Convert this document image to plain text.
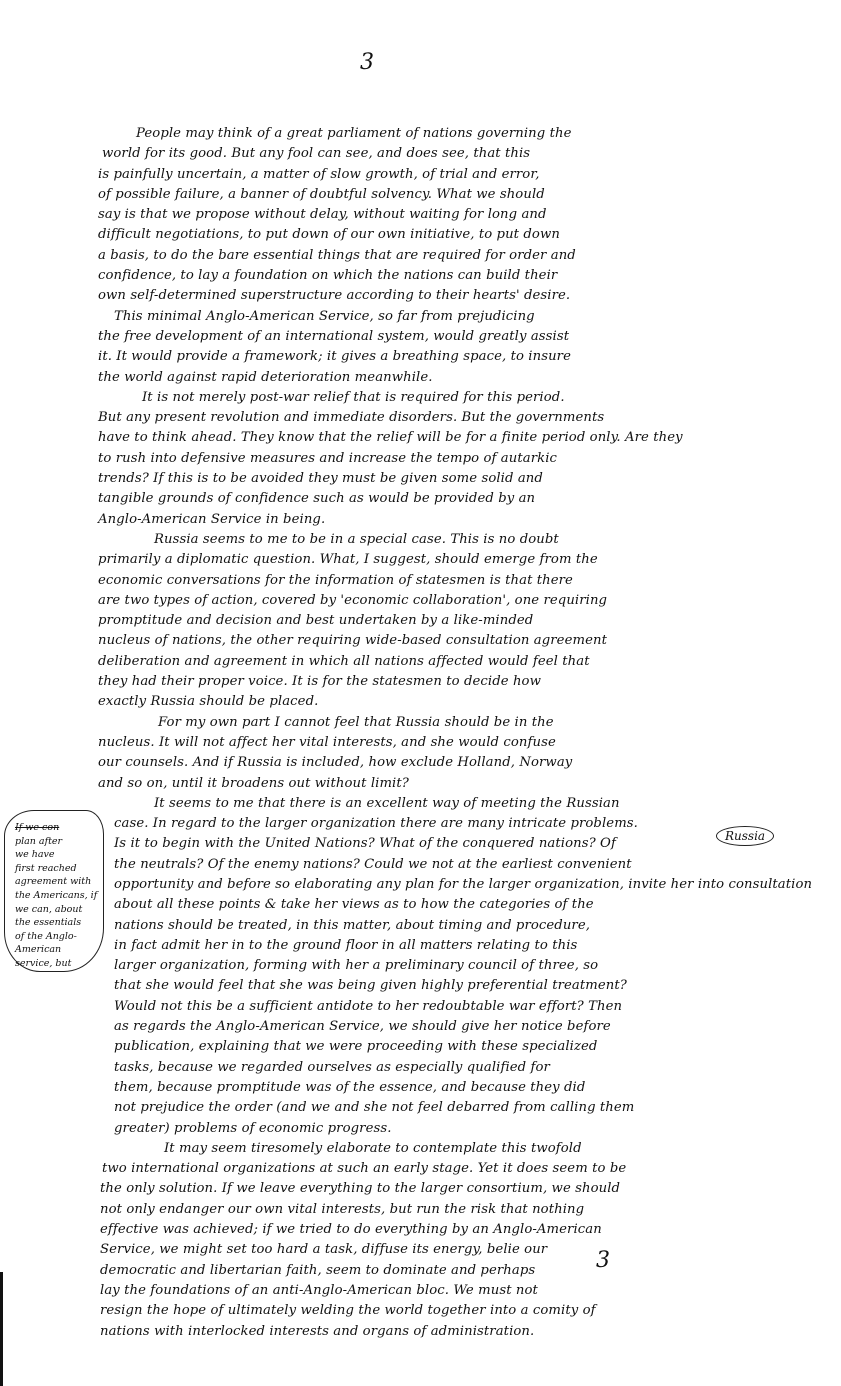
3
People may think of a great parliament of nations governing the
world for its good. But any fool can see, and does see, that this
is painfully uncertain, a matter of slow growth, of trial and error,
of possible failure, a banner of doubtful solvency. What we should
say is that we propose without delay, without waiting for long and
difficult negotiations, to put down of our own initiative, to put down
a basis, to do the bare essential things that are required for order and
confidence, to lay a foundation on which the nations can build their
own self-determined superstructure according to their hearts' desire.
This minimal Anglo-American Service, so far from prejudicing
the free development of an international system, would greatly assist
it. It would provide a framework; it gives a breathing space, to insure
the world against rapid deterioration meanwhile.
It is not merely post-war relief that is required for this period.
But any present revolution and immediate disorders. But the governments
have to think ahead. They know that the relief will be for a finite period only. Are they
to rush into defensive measures and increase the tempo of autarkic
trends? If this is to be avoided they must be given some solid and
tangible grounds of confidence such as would be provided by an
Anglo-American Service in being.
Russia seems to me to be in a special case. This is no doubt
primarily a diplomatic question. What, I suggest, should emerge from the
economic conversations for the information of statesmen is that there
are two types of action, covered by 'economic collaboration', one requiring
promptitude and decision and best undertaken by a like-minded
nucleus of nations, the other requiring wide-based consultation agreement
deliberation and agreement in which all nations affected would feel that
they had their proper voice. It is for the statesmen to decide how
exactly Russia should be placed.
For my own part I cannot feel that Russia should be in the
nucleus. It will not affect her vital interests, and she would confuse
our counsels. And if Russia is included, how exclude Holland, Norway
and so on, until it broadens out without limit?
It seems to me that there is an excellent way of meeting the Russian
case. In regard to the larger organization there are many intricate problems.
Is it to begin with the United Nations? What of the conquered nations? Of
the neutrals? Of the enemy nations? Could we not at the earliest convenient
opportunity and before so elaborating any plan for the larger organization, invite her into consultation
about all these points & take her views as to how the categories of the
nations should be treated, in this matter, about timing and procedure,
in fact admit her in to the ground floor in all matters relating to this
larger organization, forming with her a preliminary council of three, so
that she would feel that she was being given highly preferential treatment?
Would not this be a sufficient antidote to her redoubtable war effort? Then
as regards the Anglo-American Service, we should give her notice before
publication, explaining that we were proceeding with these specialized
tasks, because we regarded ourselves as especially qualified for
them, because promptitude was of the essence, and because they did
not prejudice the order (and we and she not feel debarred from calling them
greater) problems of economic progress.
It may seem tiresomely elaborate to contemplate this twofold
two international organizations at such an early stage. Yet it does seem to be
the only solution. If we leave everything to the larger consortium, we should
not only endanger our own vital interests, but run the risk that nothing
effective was achieved; if we tried to do everything by an Anglo-American
Service, we might set too hard a task, diffuse its energy, belie our
democratic and libertarian faith, seem to dominate and perhaps
lay the foundations of an anti-Anglo-American bloc. We must not
resign the hope of ultimately welding the world together into a comity of
nations with interlocked interests and organs of administration.
If we con
plan after
we have
first reached
agreement with
the Americans, if
we can, about
the essentials
of the Anglo-
American
service, but
Russia
3
